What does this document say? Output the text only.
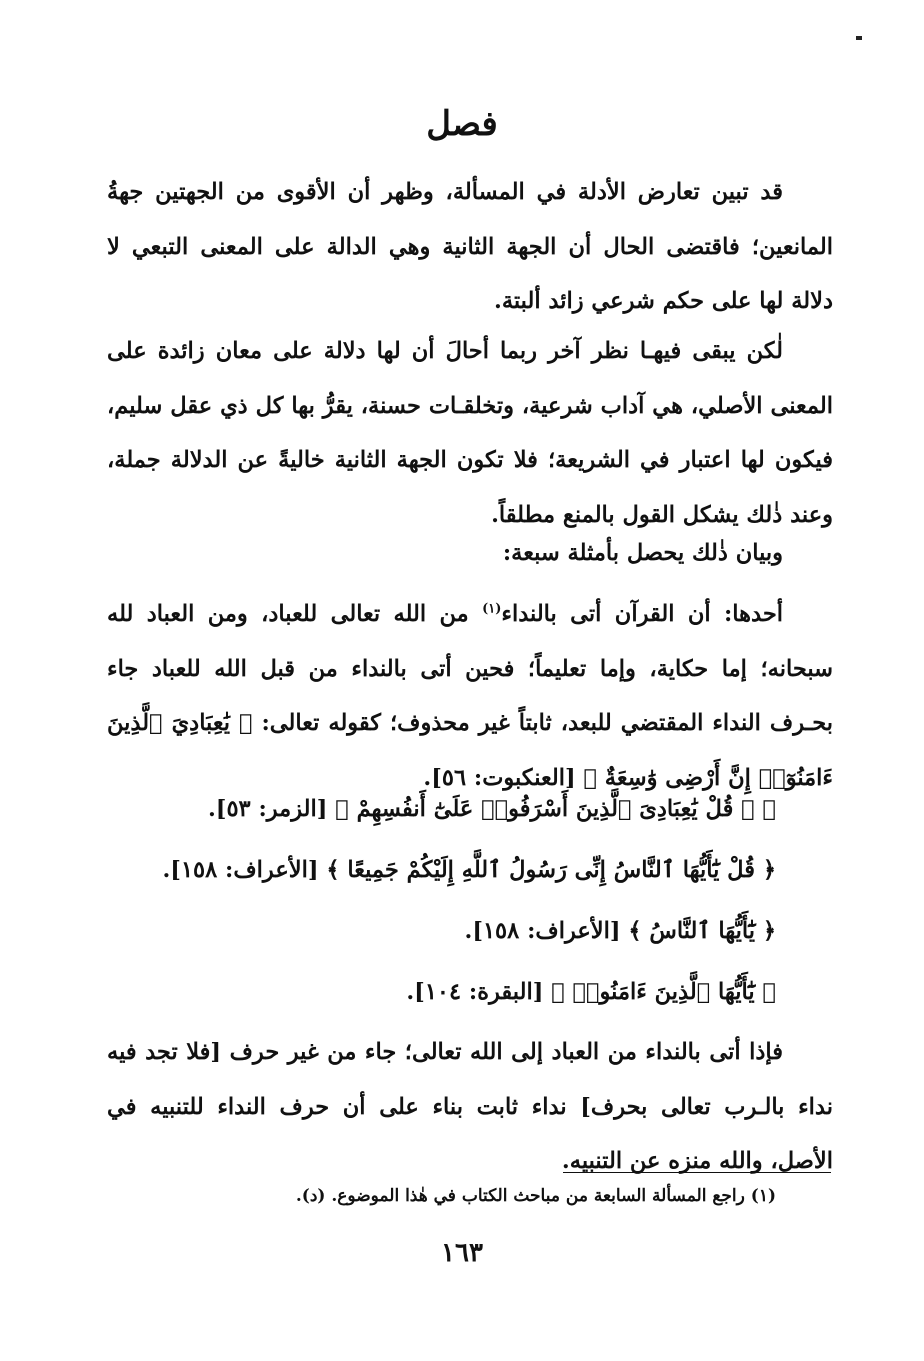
فصل

قد تبين تعارض الأدلة في المسألة، وظهر أن الأقوى من الجهتين جهةُ المانعين؛ فاقتضى الحال أن الجهة الثانية وهي الدالة على المعنى التبعي لا دلالة لها على حكم شرعي زائد ألبتة.

لٰكن يبقى فيهـا نظر آخر ربما أحالَ أن لها دلالة على معان زائدة على المعنى الأصلي، هي آداب شرعية، وتخلقـات حسنة، يقرُّ بها كل ذي عقل سليم، فيكون لها اعتبار في الشريعة؛ فلا تكون الجهة الثانية خاليةً عن الدلالة جملة، وعند ذٰلك يشكل القول بالمنع مطلقاً.

وبيان ذٰلك يحصل بأمثلة سبعة:

أحدها: أن القرآن أتى بالنداء$^{(١)}$ من الله تعالى للعباد، ومن العباد لله سبحانه؛ إما حكاية، وإما تعليماً؛ فحين أتى بالنداء من قبل الله للعباد جاء بحـرف النداء المقتضي للبعد، ثابتاً غير محذوف؛ كقوله تعالى: ﴿ يَٰعِبَادِيَ ٱلَّذِينَ ءَامَنُوٓا۟ إِنَّ أَرْضِى وَٰسِعَةٌ ﴾ [العنكبوت: ٥٦].

﴿ ۞ قُلْ يَٰعِبَادِىَ ٱلَّذِينَ أَسْرَفُوا۟ عَلَىٰٓ أَنفُسِهِمْ ﴾ [الزمر: ٥٣].
﴿ قُلْ يَٰٓأَيُّهَا ٱلنَّاسُ إِنِّى رَسُولُ ٱللَّهِ إِلَيْكُمْ جَمِيعًا ﴾ [الأعراف: ١٥٨].
﴿ يَٰٓأَيُّهَا ٱلنَّاسُ ﴾ [الأعراف: ١٥٨].
﴿ يَٰٓأَيُّهَا ٱلَّذِينَ ءَامَنُوا۟ ﴾ [البقرة: ١٠٤].

فإذا أتى بالنداء من العباد إلى الله تعالى؛ جاء من غير حرف [فلا تجد فيه نداء بالـرب تعالى بحرف] نداء ثابت بناء على أن حرف النداء للتنبيه في الأصل، والله منزه عن التنبيه.

(١) راجع المسألة السابعة من مباحث الكتاب في هٰذا الموضوع. (د).
١٦٣
